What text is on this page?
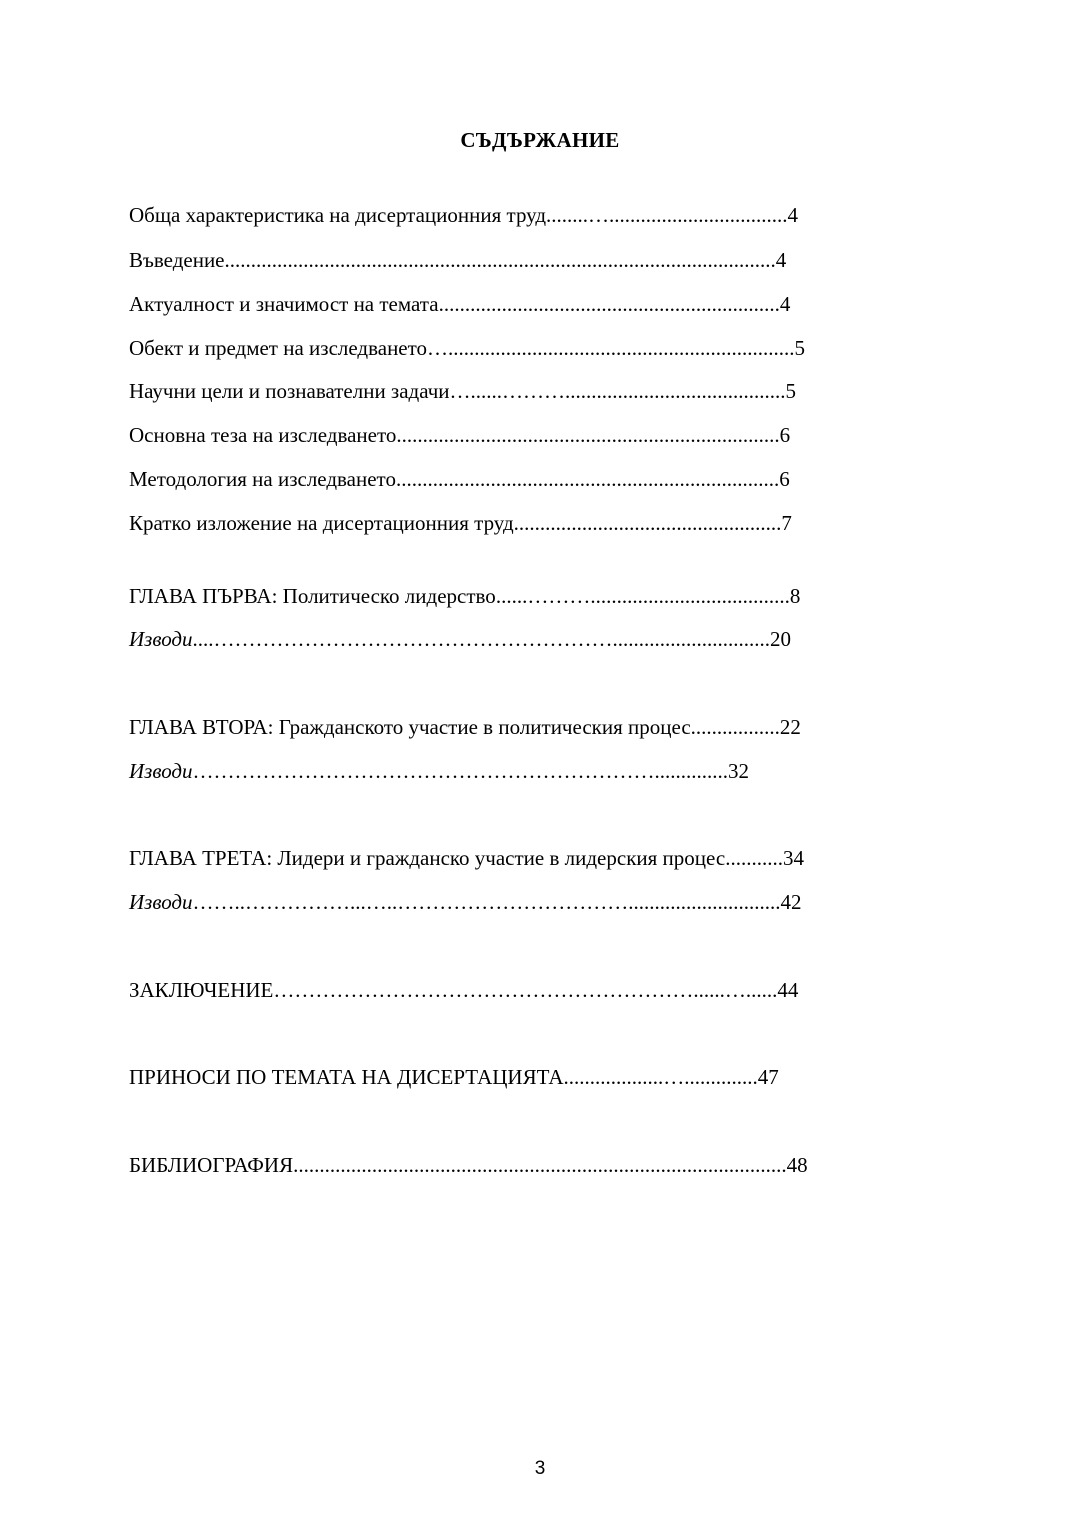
СЪДЪРЖАНИЕ
Обща характеристика на дисертационния труд........…..................................4
Въведение.........................................................................................................4
Актуалност и значимост на темата.................................................................4
Обект и предмет на изследването…..................................................................5
Научни цели и познавателни задачи…......………..........................................5
Основна теза на изследването.........................................................................6
Методология на изследването.........................................................................6
Кратко изложение на дисертационния труд...................................................7
ГЛАВА ПЪРВА: Политическо лидерство......………......................................8
Изводи....…………………………………………………..............................20
ГЛАВА ВТОРА: Гражданското участие в политическия процес.................22
Изводи…………………………………………………………..............32
ГЛАВА ТРЕТА: Лидери и гражданско участие в лидерския процес...........34
Изводи……..……………...…..…………………………….............................42
ЗАКЛЮЧЕНИЕ……………………………………………………......…......44
ПРИНОСИ ПО ТЕМАТА НА ДИСЕРТАЦИЯТА...................…..............47
БИБЛИОГРАФИЯ..............................................................................................48
3
